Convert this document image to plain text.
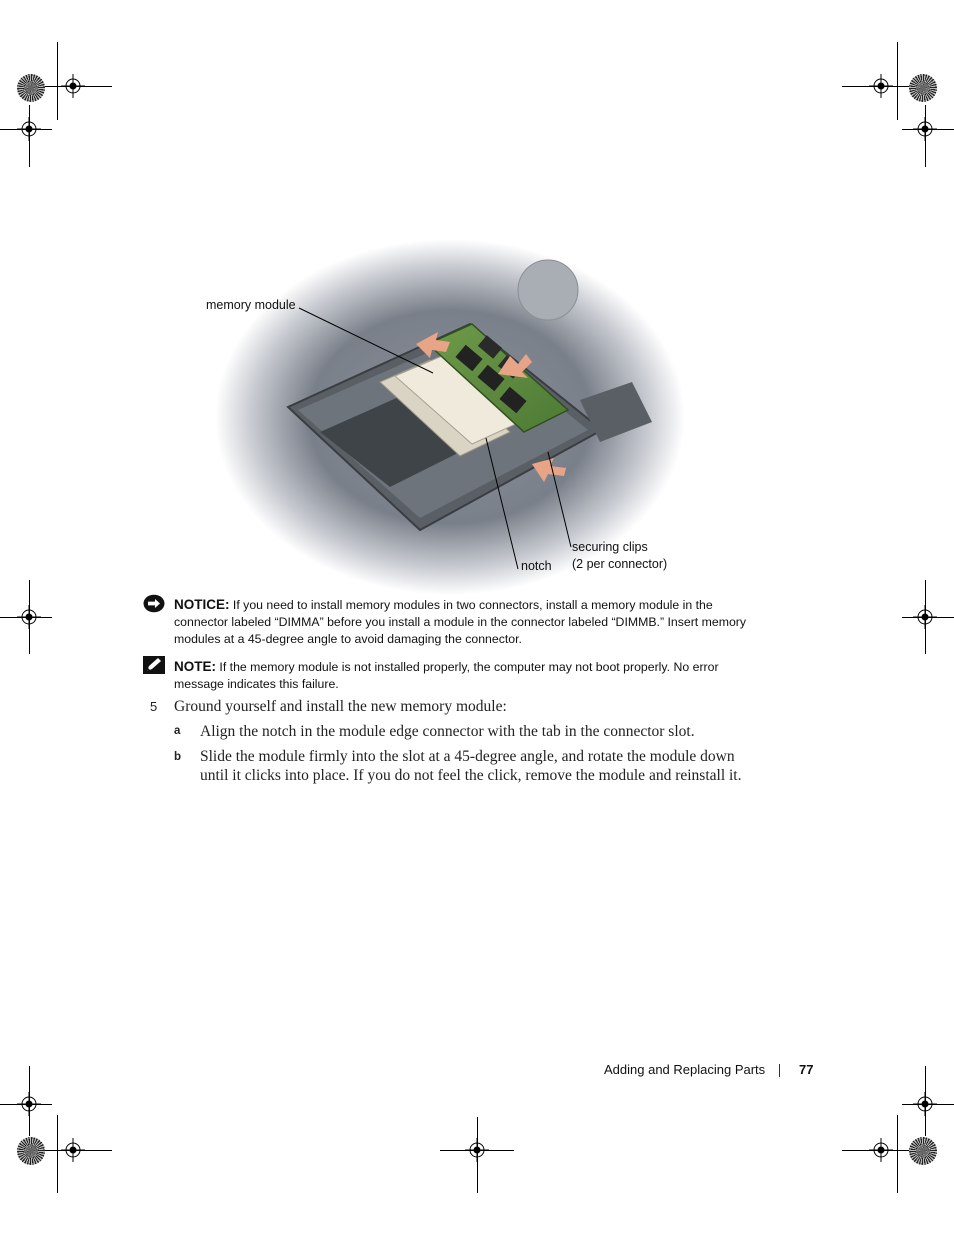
memory module
notch
securing clips
(2 per connector)
NOTICE: If you need to install memory modules in two connectors, install a memory module in the connector labeled “DIMMA” before you install a module in the connector labeled “DIMMB.” Insert memory modules at a 45-degree angle to avoid damaging the connector.
NOTE: If the memory module is not installed properly, the computer may not boot properly. No error message indicates this failure.
5 Ground yourself and install the new memory module:
a Align the notch in the module edge connector with the tab in the connector slot.
b Slide the module firmly into the slot at a 45-degree angle, and rotate the module down until it clicks into place. If you do not feel the click, remove the module and reinstall it.
Adding and Replacing Parts	77
